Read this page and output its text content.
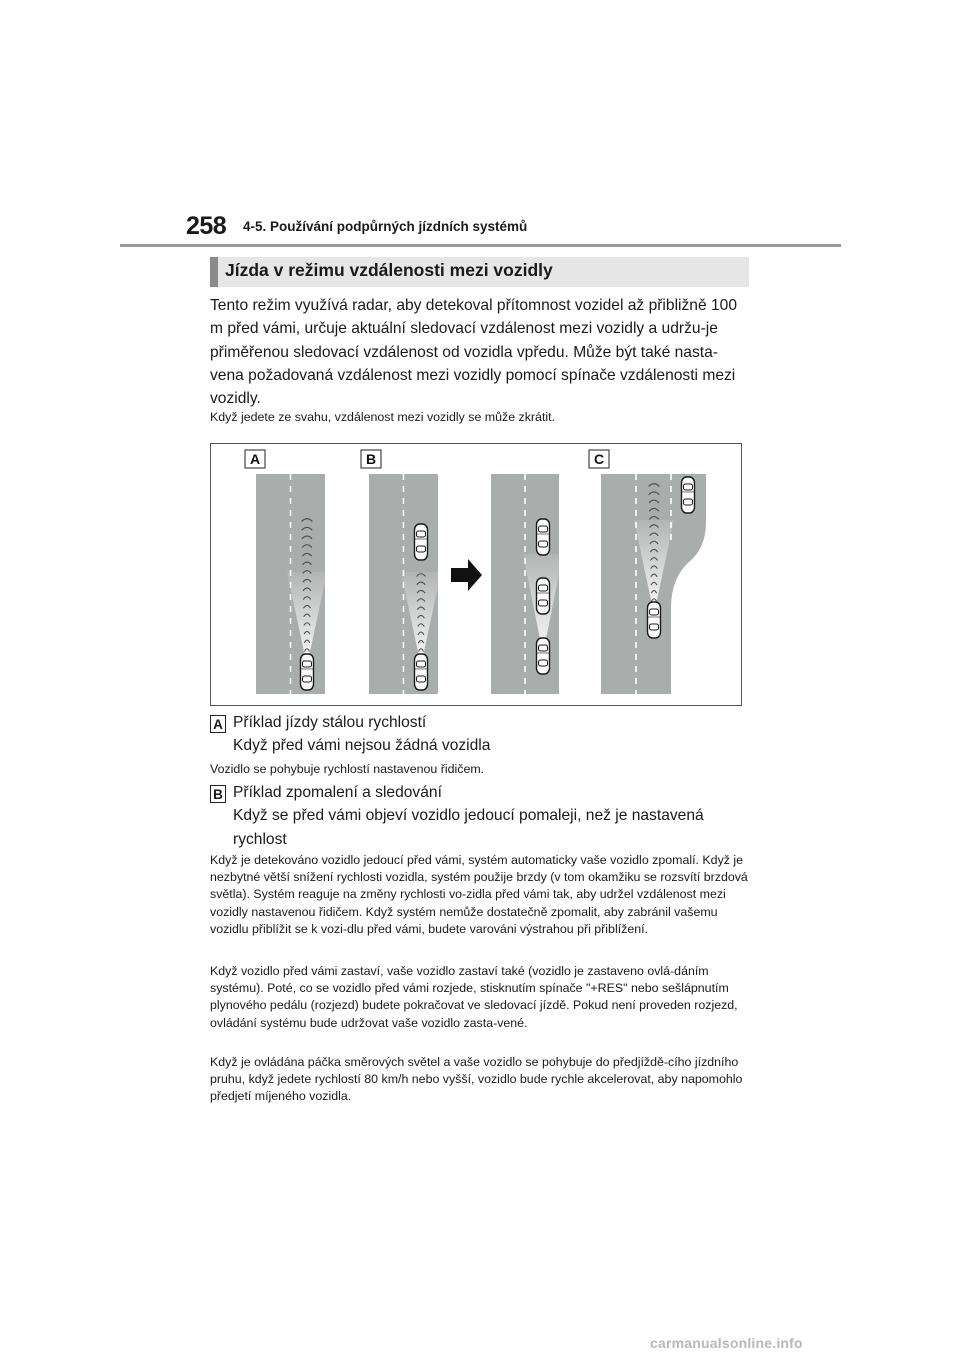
258 4-5. Používání podpůrných jízdních systémů
Jízda v režimu vzdálenosti mezi vozidly
Tento režim využívá radar, aby detekoval přítomnost vozidel až přibližně 100 m před vámi, určuje aktuální sledovací vzdálenost mezi vozidly a udržu-je přiměřenou sledovací vzdálenost od vozidla vpředu. Může být také nasta-vena požadovaná vzdálenost mezi vozidly pomocí spínače vzdálenosti mezi vozidly.
Když jedete ze svahu, vzdálenost mezi vozidly se může zkrátit.
A	B	C
A Příklad jízdy stálou rychlostí
Když před vámi nejsou žádná vozidla
Vozidlo se pohybuje rychlostí nastavenou řidičem.
B Příklad zpomalení a sledování
Když se před vámi objeví vozidlo jedoucí pomaleji, než je nastavená rychlost
Když je detekováno vozidlo jedoucí před vámi, systém automaticky vaše vozidlo zpomalí. Když je nezbytné větší snížení rychlosti vozidla, systém použije brzdy (v tom okamžiku se rozsvítí brzdová světla). Systém reaguje na změny rychlosti vo-zidla před vámi tak, aby udržel vzdálenost mezi vozidly nastavenou řidičem. Když systém nemůže dostatečně zpomalit, aby zabránil vašemu vozidlu přiblížit se k vozi-dlu před vámi, budete varováni výstrahou při přiblížení.
Když vozidlo před vámi zastaví, vaše vozidlo zastaví také (vozidlo je zastaveno ovlá-dáním systému). Poté, co se vozidlo před vámi rozjede, stisknutím spínače "+RES" nebo sešlápnutím plynového pedálu (rozjezd) budete pokračovat ve sledovací jízdě. Pokud není proveden rozjezd, ovládání systému bude udržovat vaše vozidlo zasta-vené.
Když je ovládána páčka směrových světel a vaše vozidlo se pohybuje do předjíždě-cího jízdního pruhu, když jedete rychlostí 80 km/h nebo vyšší, vozidlo bude rychle akcelerovat, aby napomohlo předjetí míjeného vozidla.
carmanualsonline.info
